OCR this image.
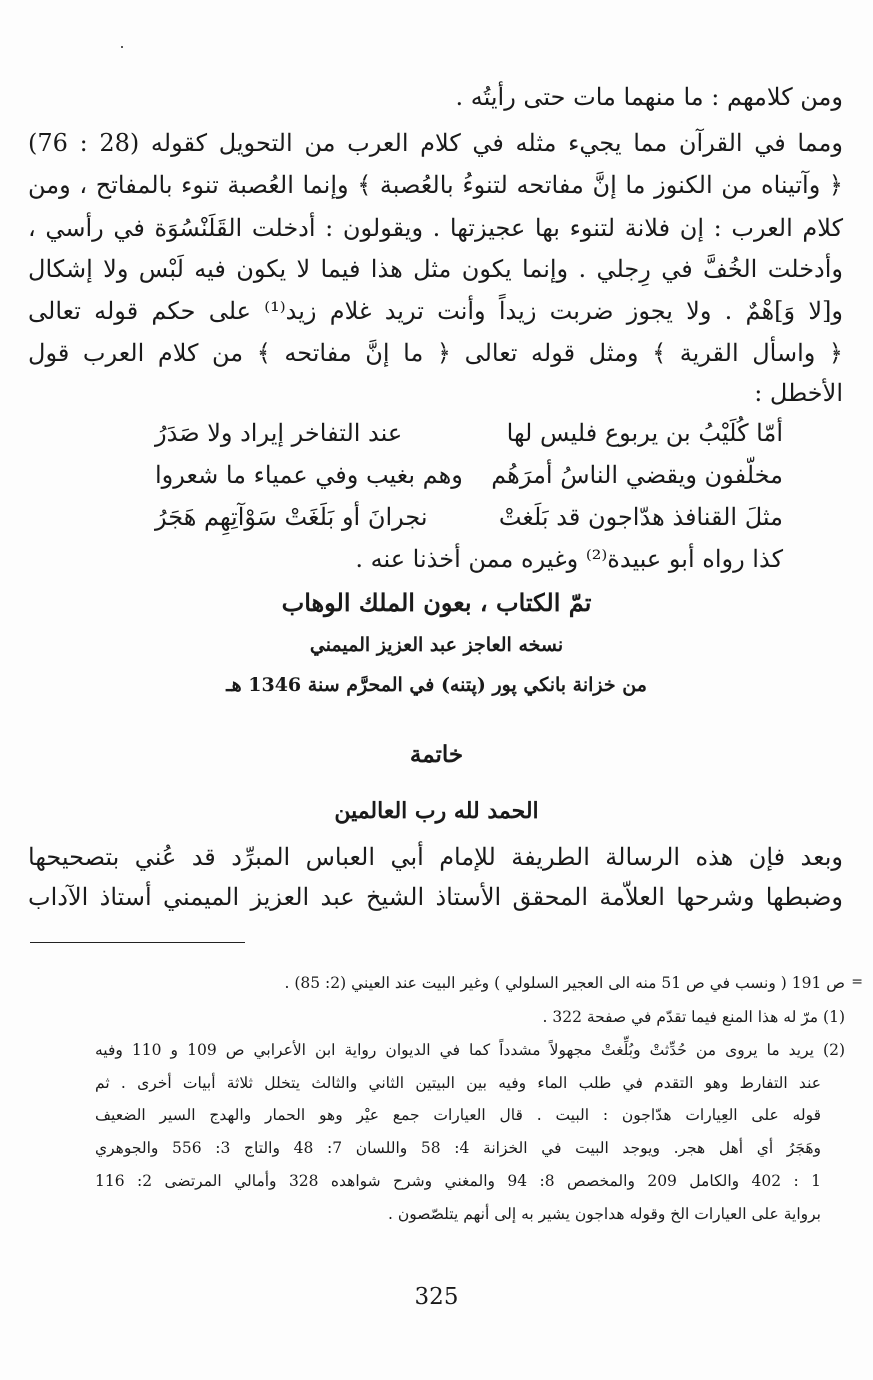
ومن كلامهم : ما منهما مات حتى رأيتُه .
ومما في القرآن مما يجيء مثله في كلام العرب من التحويل كقوله (28 : 76)
﴿ وآتيناه من الكنوز ما إنَّ مفاتحه لتنوءُ بالعُصبة ﴾ وإنما العُصبة تنوء بالمفاتح ، ومن
كلام العرب : إن فلانة لتنوء بها عجيزتها . ويقولون : أدخلت القَلَنْسُوَة في رأسي ،
وأدخلت الخُفَّ في رِجلي . وإنما يكون مثل هذا فيما لا يكون فيه لَبْس ولا إشكال
و[لا وَ]هْمٌ . ولا يجوز ضربت زيداً وأنت تريد غلام زيد⁽¹⁾ على حكم قوله تعالى
﴿ واسأل القرية ﴾ ومثل قوله تعالى ﴿ ما إنَّ مفاتحه ﴾ من كلام العرب قول
الأخطل :
أمّا كُلَيْبُ بن يربوع فليس لها
عند التفاخر إيراد ولا صَدَرُ
مخلّفون ويقضي الناسُ أمرَهُم
وهم بغيب وفي عمياء ما شعروا
مثلَ القنافذ هدّاجون قد بَلَغتْ
نجرانَ أو بَلَغَتْ سَوْآتِهِم هَجَرُ
كذا رواه أبو عبيدة⁽²⁾ وغيره ممن أخذنا عنه .
تمّ الكتاب ، بعون الملك الوهاب
نسخه العاجز عبد العزيز الميمني
من خزانة بانكي پور (پتنه) في المحرَّم سنة 1346 هـ
خاتمة
الحمد لله رب العالمين
وبعد فإن هذه الرسالة الطريفة للإمام أبي العباس المبرِّد قد عُني بتصحيحها
وضبطها وشرحها العلاّمة المحقق الأستاذ الشيخ عبد العزيز الميمني أستاذ الآداب
=
ص 191 ( ونسب في ص 51 منه الى العجير السلولي ) وغير البيت عند العيني (2: 85) .
(1) مرّ له هذا المنع فيما تقدّم في صفحة 322 .
(2) يريد ما يروى من حُدِّثتْ وبُلِّغتْ مجهولاً مشدداً كما في الديوان رواية ابن الأعرابي ص 109 و 110 وفيه
عند التفارط وهو التقدم في طلب الماء وفيه بين البيتين الثاني والثالث يتخلل ثلاثة أبيات أخرى . ثم
قوله على العِيارات هدّاجون : البيت . قال العيارات جمع عيْر وهو الحمار والهدج السير الضعيف
وهَجَرُ أي أهل هجر. ويوجد البيت في الخزانة 4: 58 واللسان 7: 48 والتاج 3: 556 والجوهري
1 : 402 والكامل 209 والمخصص 8: 94 والمغني وشرح شواهده 328 وأمالي المرتضى 2: 116
برواية على العيارات الخ وقوله هداجون يشير به إلى أنهم يتلصّصون .
325
